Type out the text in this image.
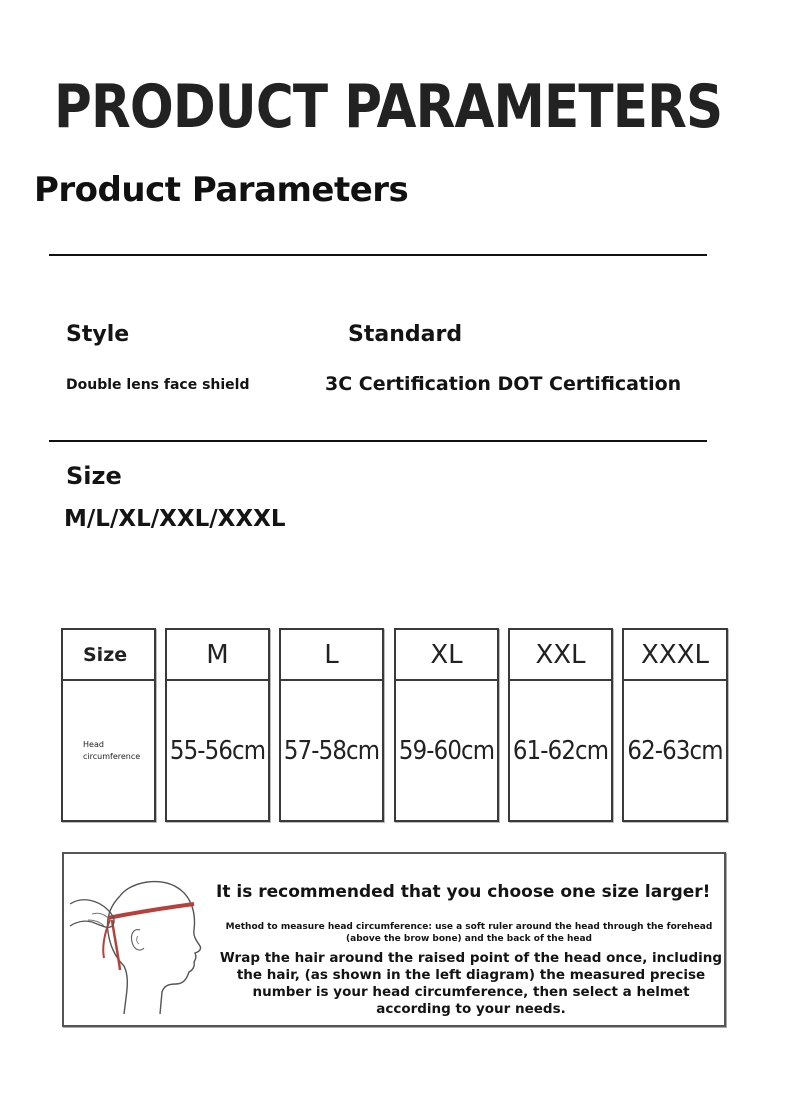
PRODUCT PARAMETERS
Product Parameters
Style	Standard
Double lens face shield	3C Certification DOT Certification
Size
M/L/XL/XXL/XXXL
Size
Head circumference
M
55-56cm
L
57-58cm
XL
59-60cm
XXL
61-62cm
XXXL
62-63cm
It is recommended that you choose one size larger!
Method to measure head circumference: use a soft ruler around the head through the forehead (above the brow bone) and the back of the head
Wrap the hair around the raised point of the head once, including the hair, (as shown in the left diagram) the measured precise number is your head circumference, then select a helmet according to your needs.
